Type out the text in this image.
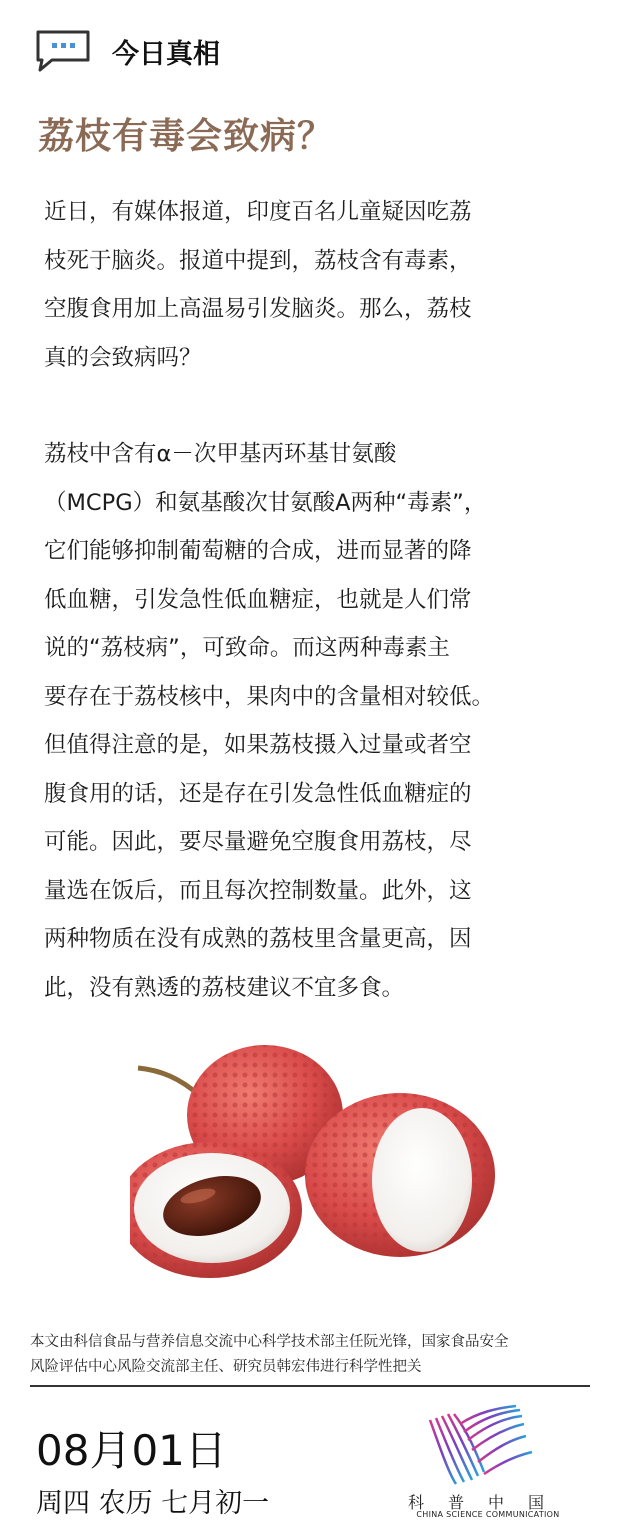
今日真相
荔枝有毒会致病？
近日，有媒体报道，印度百名儿童疑因吃荔
枝死于脑炎。报道中提到，荔枝含有毒素，
空腹食用加上高温易引发脑炎。那么，荔枝
真的会致病吗？
荔枝中含有α－次甲基丙环基甘氨酸
（MCPG）和氨基酸次甘氨酸A两种“毒素”，
它们能够抑制葡萄糖的合成，进而显著的降
低血糖，引发急性低血糖症，也就是人们常
说的“荔枝病”，可致命。而这两种毒素主
要存在于荔枝核中，果肉中的含量相对较低。
但值得注意的是，如果荔枝摄入过量或者空
腹食用的话，还是存在引发急性低血糖症的
可能。因此，要尽量避免空腹食用荔枝，尽
量选在饭后，而且每次控制数量。此外，这
两种物质在没有成熟的荔枝里含量更高，因
此，没有熟透的荔枝建议不宜多食。
本文由科信食品与营养信息交流中心科学技术部主任阮光锋，国家食品安全
风险评估中心风险交流部主任、研究员韩宏伟进行科学性把关
08月01日
周四 农历 七月初一	科普中国
CHINA SCIENCE COMMUNICATION
